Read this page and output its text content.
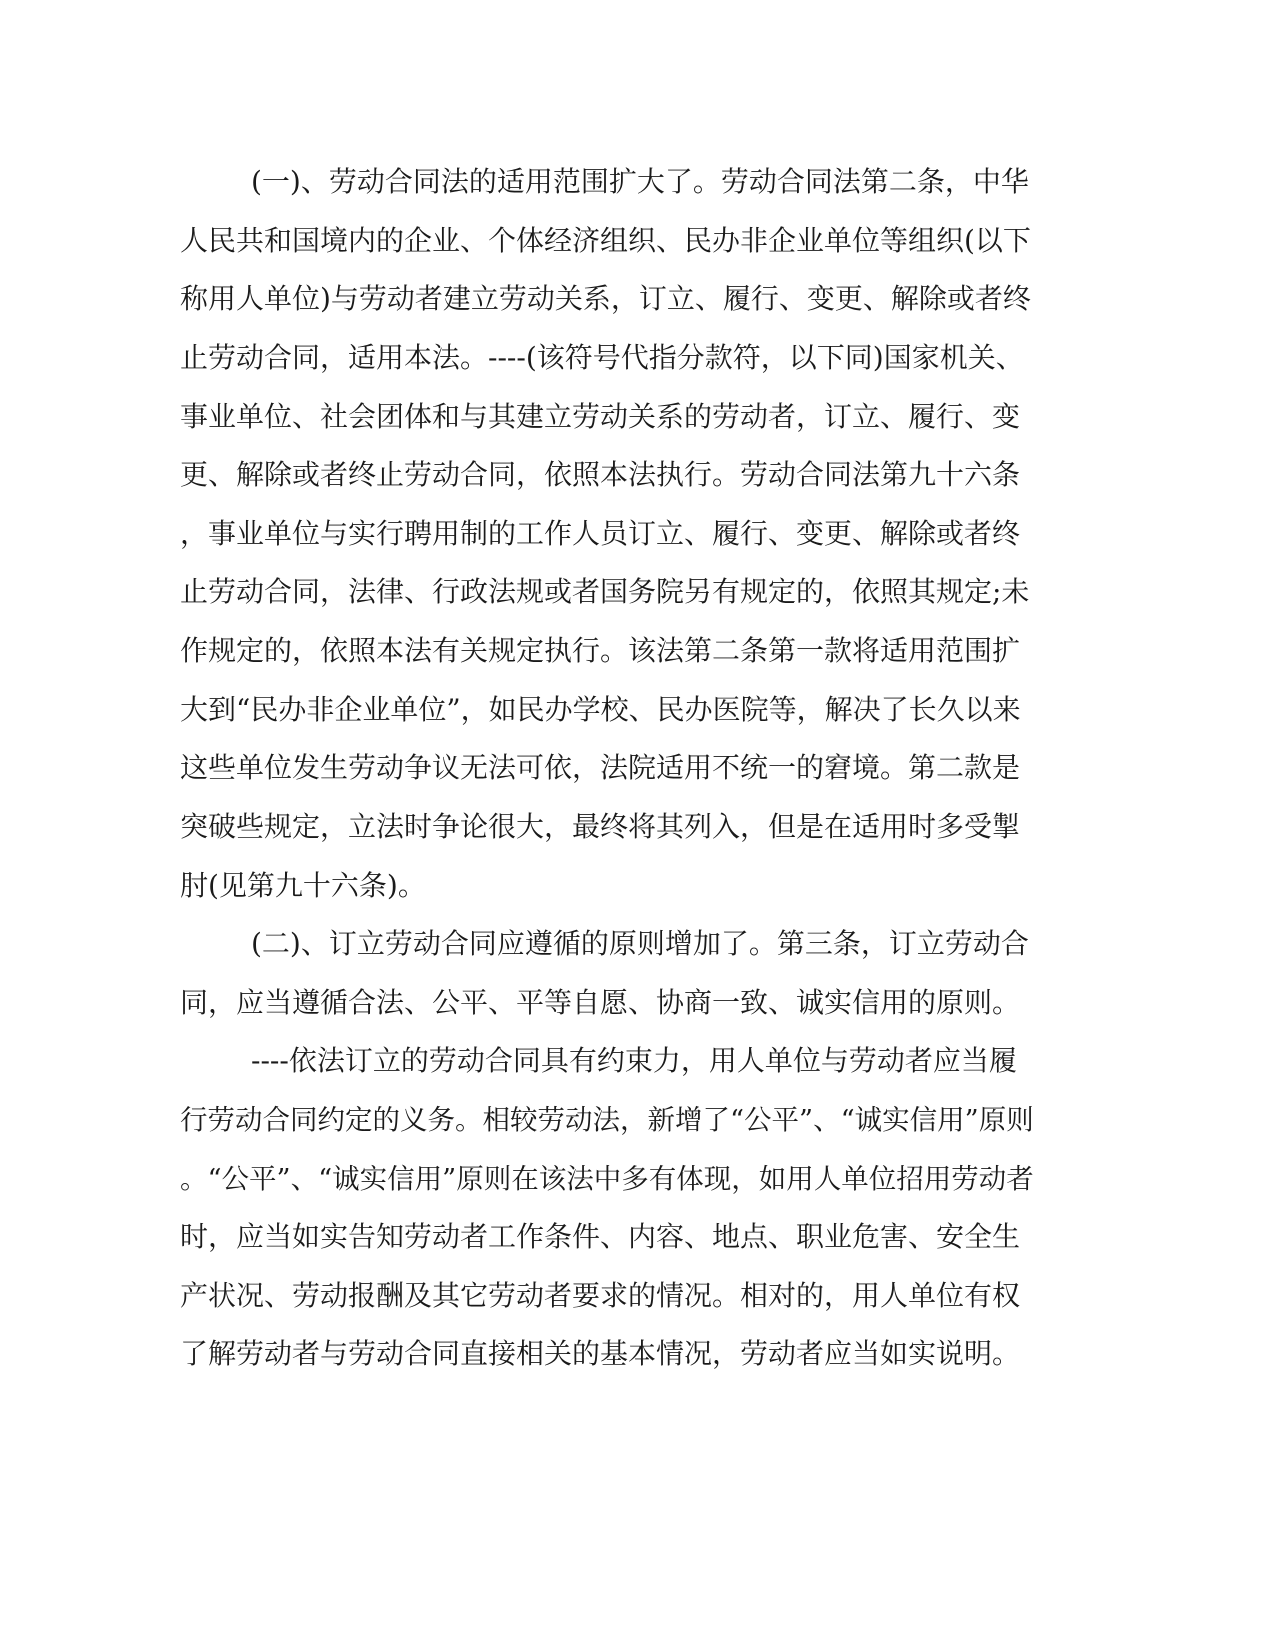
(一)、劳动合同法的适用范围扩大了。劳动合同法第二条，中华

人民共和国境内的企业、个体经济组织、民办非企业单位等组织(以下

称用人单位)与劳动者建立劳动关系，订立、履行、变更、解除或者终

止劳动合同，适用本法。----(该符号代指分款符，以下同)国家机关、

事业单位、社会团体和与其建立劳动关系的劳动者，订立、履行、变

更、解除或者终止劳动合同，依照本法执行。劳动合同法第九十六条

，事业单位与实行聘用制的工作人员订立、履行、变更、解除或者终

止劳动合同，法律、行政法规或者国务院另有规定的，依照其规定;未

作规定的，依照本法有关规定执行。该法第二条第一款将适用范围扩

大到“民办非企业单位”，如民办学校、民办医院等，解决了长久以来

这些单位发生劳动争议无法可依，法院适用不统一的窘境。第二款是

突破些规定，立法时争论很大，最终将其列入，但是在适用时多受掣

肘(见第九十六条)。

(二)、订立劳动合同应遵循的原则增加了。第三条，订立劳动合

同，应当遵循合法、公平、平等自愿、协商一致、诚实信用的原则。

----依法订立的劳动合同具有约束力，用人单位与劳动者应当履

行劳动合同约定的义务。相较劳动法，新增了“公平”、“诚实信用”原则

。“公平”、“诚实信用”原则在该法中多有体现，如用人单位招用劳动者

时，应当如实告知劳动者工作条件、内容、地点、职业危害、安全生

产状况、劳动报酬及其它劳动者要求的情况。相对的，用人单位有权

了解劳动者与劳动合同直接相关的基本情况，劳动者应当如实说明。
